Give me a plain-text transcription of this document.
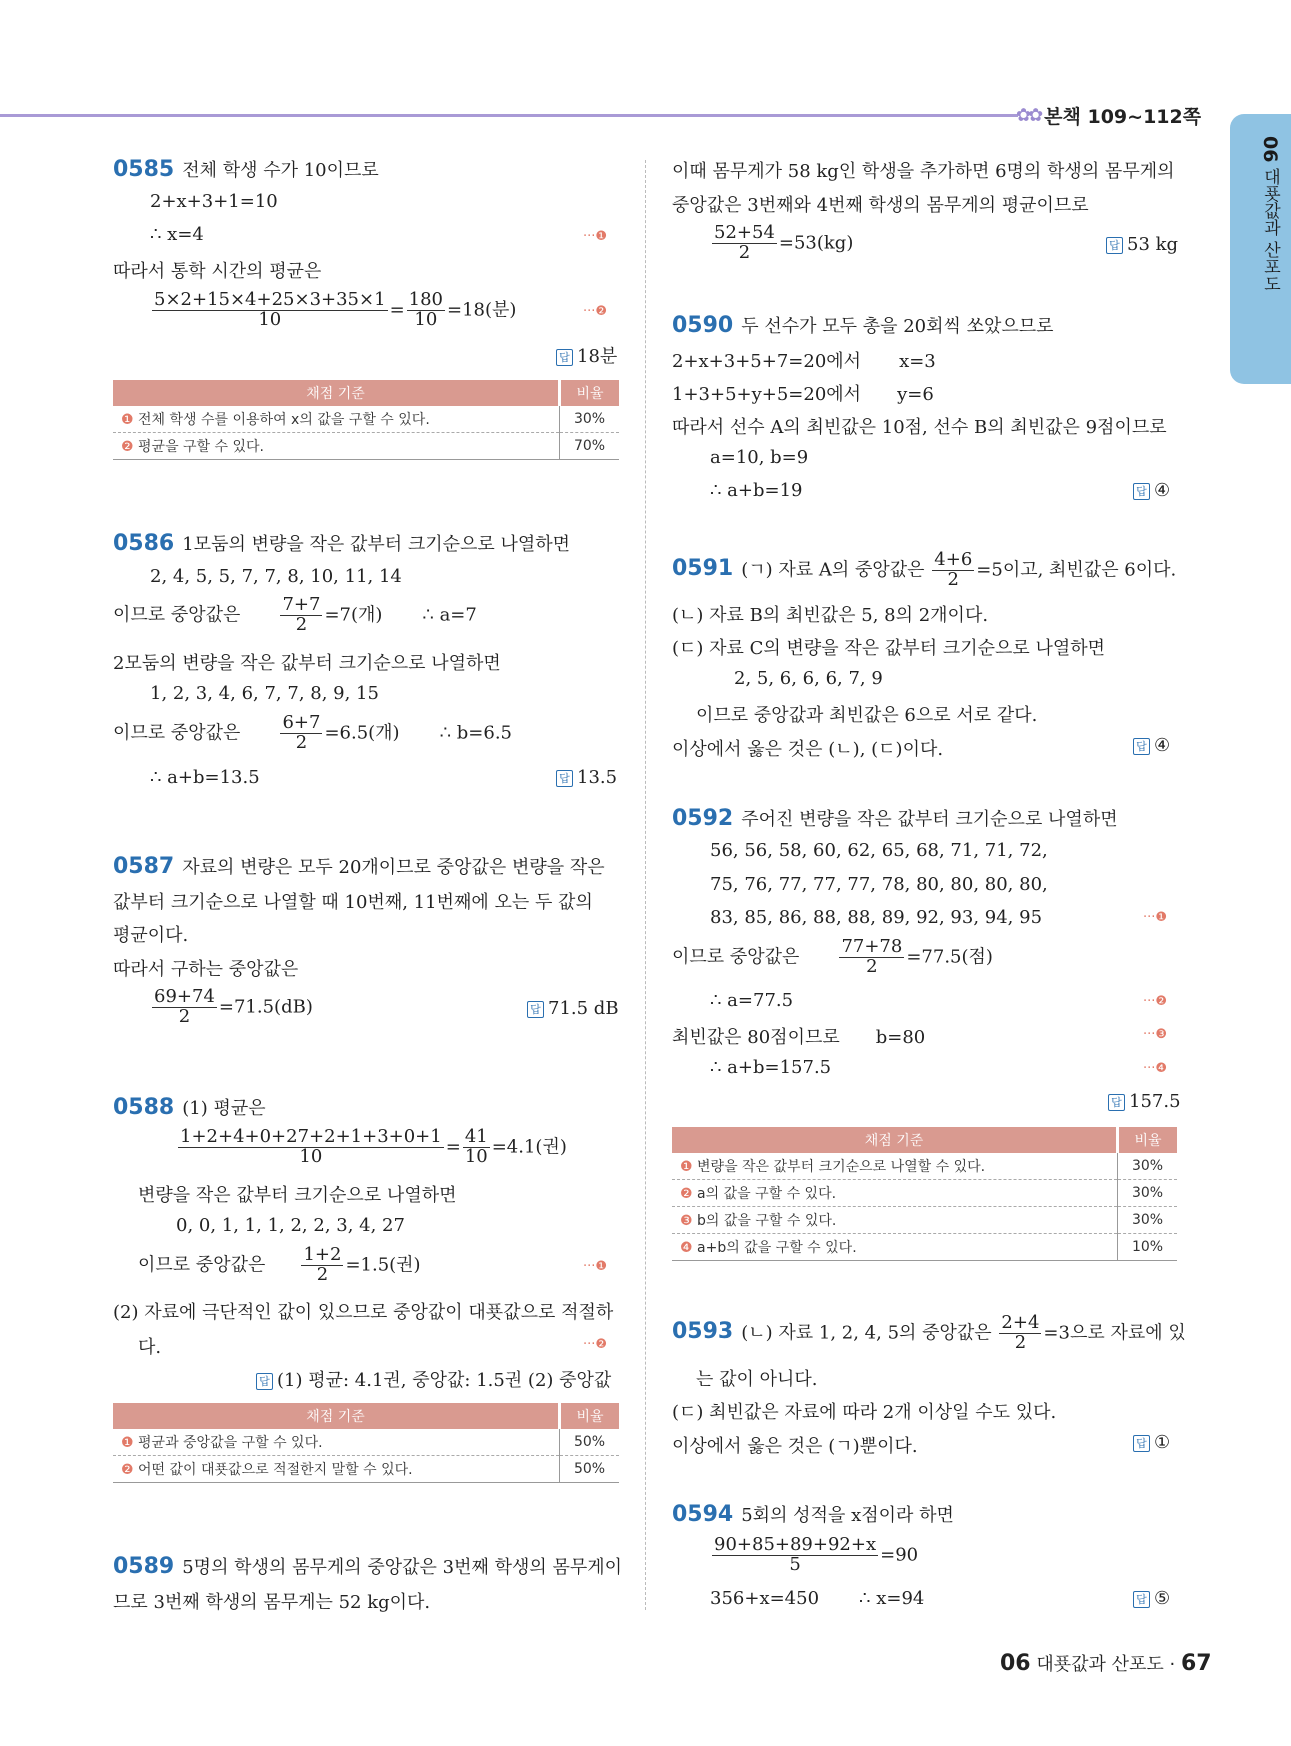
✿✿ 본책 109~112쪽
06 대푯값과 산포도
0585 전체 학생 수가 10이므로
2+x+3+1=10
∴ x=4	···❶
따라서 통학 시간의 평균은
$\frac{5\times 2+15\times 4+25\times 3+35\times 1}{10} = \frac{180}{10} =18$(분)	···❷
답 18분
채점 기준	비율
❶ 전체 학생 수를 이용하여 x의 값을 구할 수 있다.	30%
❷ 평균을 구할 수 있다.	70%
0586 1모둠의 변량을 작은 값부터 크기순으로 나열하면
2, 4, 5, 5, 7, 7, 8, 10, 11, 14
이므로 중앙값은 $\frac{7+7}{2} =7$(개) ∴ a=7
2모둠의 변량을 작은 값부터 크기순으로 나열하면
1, 2, 3, 4, 6, 7, 7, 8, 9, 15
이므로 중앙값은 $\frac{6+7}{2} =6.5$(개) ∴ b=6.5
∴ a+b=13.5	답 13.5
0587 자료의 변량은 모두 20개이므로 중앙값은 변량을 작은
값부터 크기순으로 나열할 때 10번째, 11번째에 오는 두 값의
평균이다.
따라서 구하는 중앙값은
$\frac{69+74}{2} =71.5(dB)$	답 71.5 dB
0588 (1) 평균은
$\frac{1+2+4+0+27+2+1+3+0+1}{10} = \frac{41}{10} =4.1$(권)
변량을 작은 값부터 크기순으로 나열하면
0, 0, 1, 1, 1, 2, 2, 3, 4, 27
이므로 중앙값은 $\frac{1+2}{2} =1.5$(권)	···❶
(2) 자료에 극단적인 값이 있으므로 중앙값이 대푯값으로 적절하
다.	···❷
답 (1) 평균: 4.1권, 중앙값: 1.5권 (2) 중앙값
채점 기준	비율
❶ 평균과 중앙값을 구할 수 있다.	50%
❷ 어떤 값이 대푯값으로 적절한지 말할 수 있다.	50%
0589 5명의 학생의 몸무게의 중앙값은 3번째 학생의 몸무게이
므로 3번째 학생의 몸무게는 52 kg이다.
이때 몸무게가 58 kg인 학생을 추가하면 6명의 학생의 몸무게의
중앙값은 3번째와 4번째 학생의 몸무게의 평균이므로
$\frac{52+54}{2} =53(kg)$	답 53 kg
0590 두 선수가 모두 총을 20회씩 쏘았으므로
2+x+3+5+7=20에서 x=3
1+3+5+y+5=20에서 y=6
따라서 선수 A의 최빈값은 10점, 선수 B의 최빈값은 9점이므로
a=10, b=9
∴ a+b=19	답 ④
0591 (ㄱ) 자료 A의 중앙값은 $\frac{4+6}{2} =5$이고, 최빈값은 6이다.
(ㄴ) 자료 B의 최빈값은 5, 8의 2개이다.
(ㄷ) 자료 C의 변량을 작은 값부터 크기순으로 나열하면
2, 5, 6, 6, 6, 7, 9
이므로 중앙값과 최빈값은 6으로 서로 같다.
이상에서 옳은 것은 (ㄴ), (ㄷ)이다.	답 ④
0592 주어진 변량을 작은 값부터 크기순으로 나열하면
56, 56, 58, 60, 62, 65, 68, 71, 71, 72,
75, 76, 77, 77, 77, 78, 80, 80, 80, 80,
83, 85, 86, 88, 88, 89, 92, 93, 94, 95	···❶
이므로 중앙값은 $\frac{77+78}{2} =77.5$(점)
∴ a=77.5	···❷
최빈값은 80점이므로 b=80	···❸
∴ a+b=157.5	···❹
답 157.5
채점 기준	비율
❶ 변량을 작은 값부터 크기순으로 나열할 수 있다.	30%
❷ a의 값을 구할 수 있다.	30%
❸ b의 값을 구할 수 있다.	30%
❹ a+b의 값을 구할 수 있다.	10%
0593 (ㄴ) 자료 1, 2, 4, 5의 중앙값은 $\frac{2+4}{2} =3$으로 자료에 있
는 값이 아니다.
(ㄷ) 최빈값은 자료에 따라 2개 이상일 수도 있다.
이상에서 옳은 것은 (ㄱ)뿐이다.	답 ①
0594 5회의 성적을 x점이라 하면
$\frac{90+85+89+92+x}{5} =90$
356+x=450 ∴ x=94	답 ⑤
06 대푯값과 산포도 · 67
